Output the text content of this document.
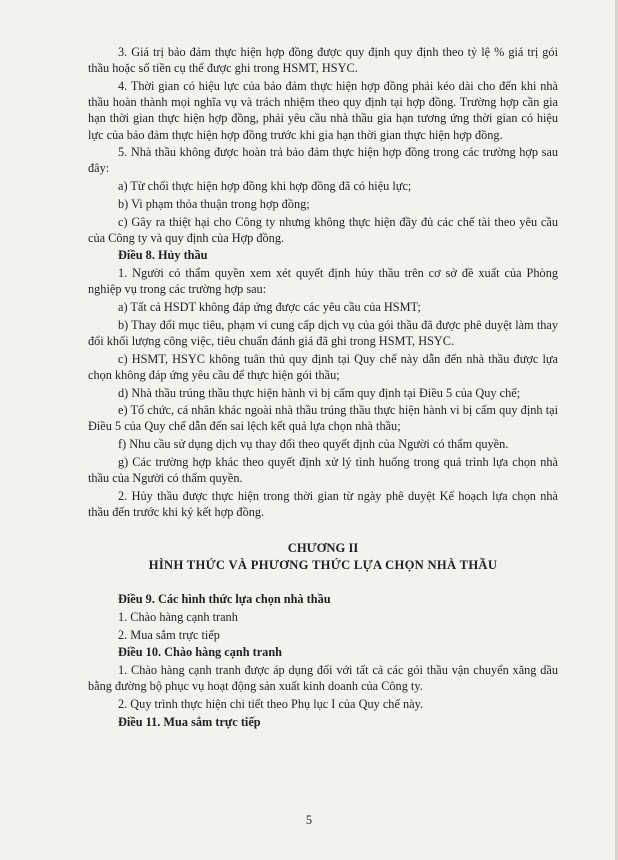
3. Giá trị bảo đảm thực hiện hợp đồng được quy định quy định theo tỷ lệ % giá trị gói thầu hoặc số tiền cụ thể được ghi trong HSMT, HSYC.

4. Thời gian có hiệu lực của bảo đảm thực hiện hợp đồng phải kéo dài cho đến khi nhà thầu hoàn thành mọi nghĩa vụ và trách nhiệm theo quy định tại hợp đồng. Trường hợp cần gia hạn thời gian thực hiện hợp đồng, phải yêu cầu nhà thầu gia hạn tương ứng thời gian có hiệu lực của bảo đảm thực hiện hợp đồng trước khi gia hạn thời gian thực hiện hợp đồng.

5. Nhà thầu không được hoàn trả bảo đảm thực hiện hợp đồng trong các trường hợp sau đây:

a) Từ chối thực hiện hợp đồng khi hợp đồng đã có hiệu lực;

b) Vi phạm thỏa thuận trong hợp đồng;

c) Gây ra thiệt hại cho Công ty nhưng không thực hiện đầy đủ các chế tài theo yêu cầu của Công ty và quy định của Hợp đồng.

Điều 8. Hủy thầu

1. Người có thẩm quyền xem xét quyết định hủy thầu trên cơ sở đề xuất của Phòng nghiệp vụ trong các trường hợp sau:

a) Tất cả HSDT không đáp ứng được các yêu cầu của HSMT;

b) Thay đổi mục tiêu, phạm vi cung cấp dịch vụ của gói thầu đã được phê duyệt làm thay đổi khối lượng công việc, tiêu chuẩn đánh giá đã ghi trong HSMT, HSYC.

c) HSMT, HSYC không tuân thủ quy định tại Quy chế này dẫn đến nhà thầu được lựa chọn không đáp ứng yêu cầu để thực hiện gói thầu;

d) Nhà thầu trúng thầu thực hiện hành vi bị cấm quy định tại Điều 5 của Quy chế;

e) Tổ chức, cá nhân khác ngoài nhà thầu trúng thầu thực hiện hành vi bị cấm quy định tại Điều 5 của Quy chế dẫn đến sai lệch kết quả lựa chọn nhà thầu;

f) Nhu cầu sử dụng dịch vụ thay đổi theo quyết định của Người có thẩm quyền.

g) Các trường hợp khác theo quyết định xử lý tình huống trong quá trình lựa chọn nhà thầu của Người có thẩm quyền.

2. Hủy thầu được thực hiện trong thời gian từ ngày phê duyệt Kế hoạch lựa chọn nhà thầu đến trước khi ký kết hợp đồng.

CHƯƠNG II

HÌNH THỨC VÀ PHƯƠNG THỨC LỰA CHỌN NHÀ THẦU

Điều 9. Các hình thức lựa chọn nhà thầu

1. Chào hàng cạnh tranh

2. Mua sắm trực tiếp

Điều 10. Chào hàng cạnh tranh

1. Chào hàng cạnh tranh được áp dụng đối với tất cả các gói thầu vận chuyển xăng dầu bằng đường bộ phục vụ hoạt động sản xuất kinh doanh của Công ty.

2. Quy trình thực hiện chi tiết theo Phụ lục I của Quy chế này.

Điều 11. Mua sắm trực tiếp

5
